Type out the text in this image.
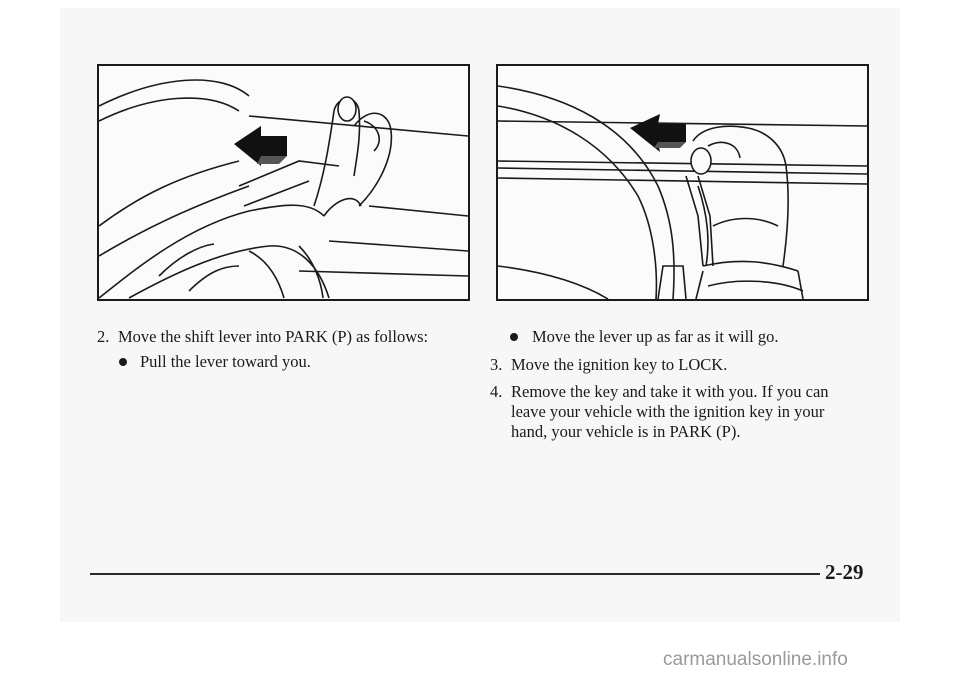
2. Move the shift lever into PARK (P) as follows:
Pull the lever toward you.
Move the lever up as far as it will go.
3. Move the ignition key to LOCK.
4. Remove the key and take it with you. If you can
leave your vehicle with the ignition key in your
hand, your vehicle is in PARK (P).
2-29
carmanualsonline.info
